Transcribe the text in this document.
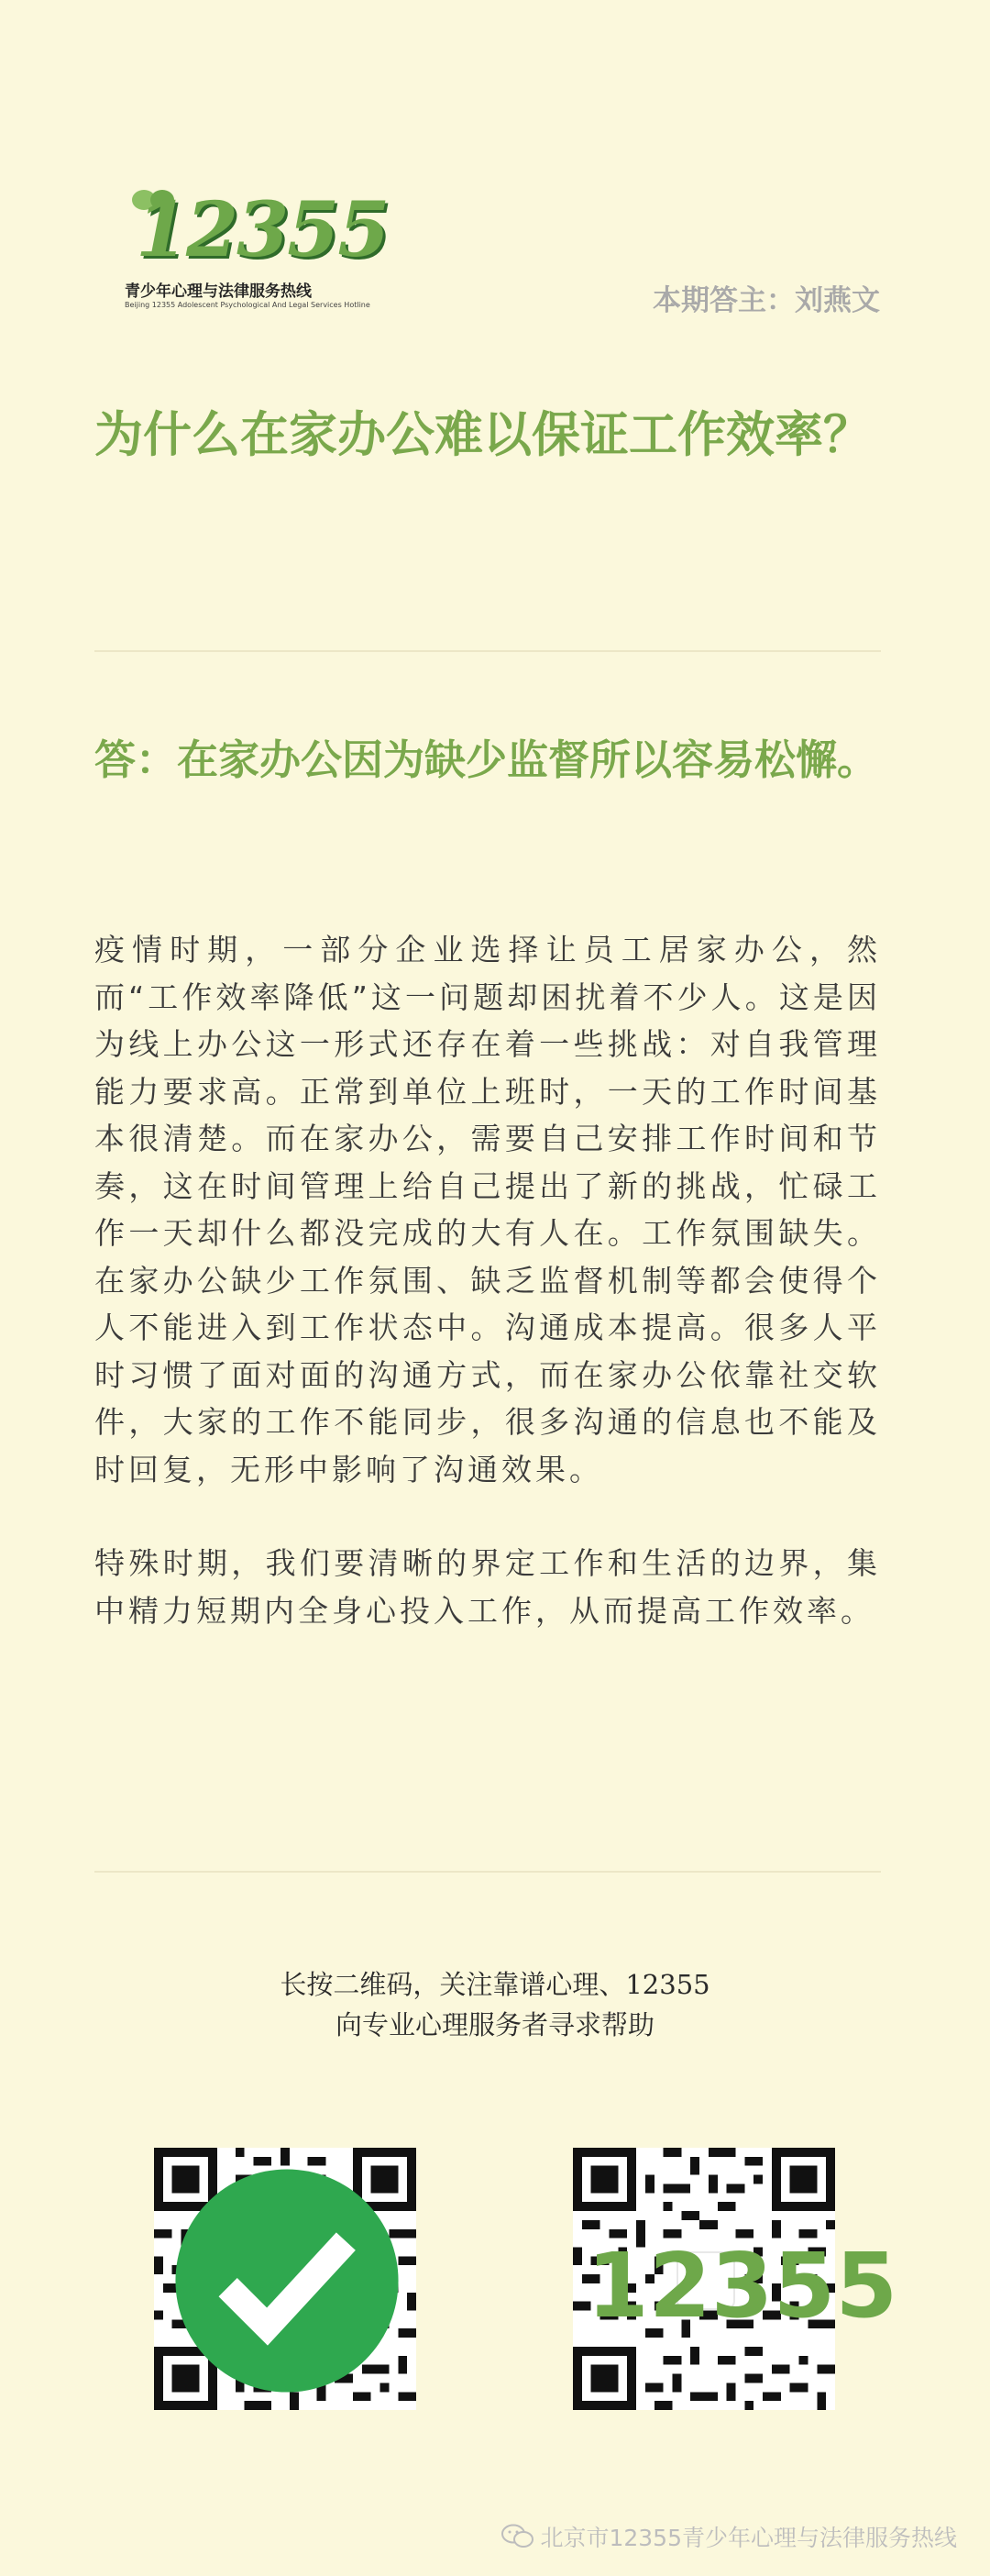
12355
青少年心理与法律服务热线
Beijing 12355 Adolescent Psychological And Legal Services Hotline	本期答主：刘燕文
为什么在家办公难以保证工作效率？
答：在家办公因为缺少监督所以容易松懈。

疫情时期，一部分企业选择让员工居家办公，然而“工作效率降低”这一问题却困扰着不少人。这是因为线上办公这一形式还存在着一些挑战：对自我管理能力要求高。正常到单位上班时，一天的工作时间基本很清楚。而在家办公，需要自己安排工作时间和节奏，这在时间管理上给自己提出了新的挑战，忙碌工作一天却什么都没完成的大有人在。工作氛围缺失。在家办公缺少工作氛围、缺乏监督机制等都会使得个人不能进入到工作状态中。沟通成本提高。很多人平时习惯了面对面的沟通方式，而在家办公依靠社交软件，大家的工作不能同步，很多沟通的信息也不能及时回复，无形中影响了沟通效果。

特殊时期，我们要清晰的界定工作和生活的边界，集中精力短期内全身心投入工作，从而提高工作效率。

长按二维码，关注靠谱心理、12355
向专业心理服务者寻求帮助
12355
北京市12355青少年心理与法律服务热线
